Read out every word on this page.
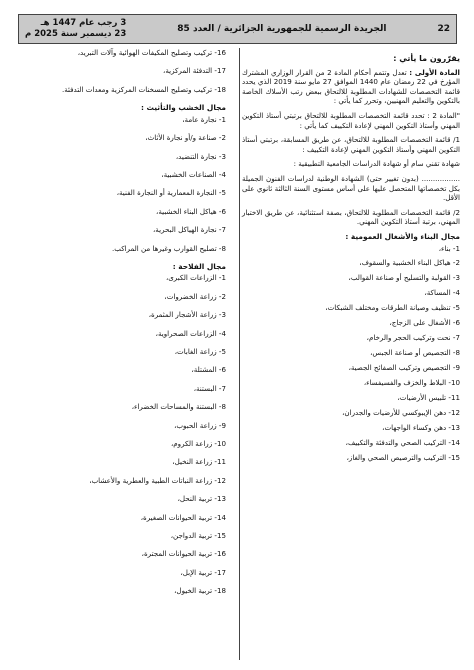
3 رجب عام 1447 هـ
23 ديسمبر سنة 2025 م	الجريدة الرسمية للجمهورية الجزائرية / العدد 85	22
يقرّرون ما يأتي :
المادة الأولى : تعدل وتتمم أحكام المادة 2 من القرار الوزاري المشترك المؤرخ في 22 رمضان عام 1440 الموافق 27 مايو سنة 2019 الذي يحدد قائمة التخصصات للشهادات المطلوبة للالتحاق ببعض رتب الأسلاك الخاصة بالتكوين والتعليم المهنيين، وتحرر كما يأتي :
"المادة 2 : تحدد قائمة التخصصات المطلوبة للالتحاق برتبتي أستاذ التكوين المهني وأستاذ التكوين المهني لإعادة التكييف كما يأتي :
1/ قائمة التخصصات المطلوبة للالتحاق، عن طريق المسابقة، برتبتي أستاذ التكوين المهني وأستاذ التكوين المهني لإعادة التكييف :
شهادة تقني سام أو شهادة الدراسات الجامعية التطبيقية :
................. (بدون تغيير حتى) الشهادة الوطنية لدراسات الفنون الجميلة بكل تخصصاتها المتحصل عليها على أساس مستوى السنة الثالثة ثانوي على الأقل.
2/ قائمة التخصصات المطلوبة للالتحاق، بصفة استثنائية، عن طريق الاختبار المهني، برتبة أستاذ التكوين المهني.
مجال البناء والأشغال العمومية :
1- بناء،
2- هياكل البناء الخشبية والسقوف،
3- القولبة والتسليح أو صناعة القوالب،
4- المساكة،
5- تنظيف وصيانة الطرقات ومختلف الشبكات،
6- الأشغال على الزجاج،
7- نحت وتركيب الحجر والرخام،
8- التجصيص أو صناعة الجبس،
9- التجصيص وتركيب الصفائح الجصية،
10- البلاط والخزف والفسيفساء،
11- تلبيس الأرضيات،
12- دهن الإيبوكسي للأرضيات والجدران،
13- دهن وكساء الواجهات،
14- التركيب الصحي والتدفئة والتكييف،
15- التركيب والترصيص الصحي والغاز،
16- تركيب وتصليح المكيفات الهوائية وآلات التبريد،
17- التدفئة المركزية،
18- تركيب وتصليح المسخنات المركزية ومعدات التدفئة.
مجال الخشب والتأثيث :
1- نجارة عامة،
2- صناعة و/أو نجارة الأثاث،
3- نجارة التنضيد،
4- الصناعات الخشبية،
5- النجارة المعمارية أو النجارة الفنية،
6- هياكل البناء الخشبية،
7- نجارة الهياكل البحرية،
8- تصليح القوارب وغيرها من المراكب.
مجال الفلاحة :
1- الزراعات الكبرى،
2- زراعة الخضروات،
3- زراعة الأشجار المثمرة،
4- الزراعات الصحراوية،
5- زراعة الغابات،
6- المشتلة،
7- البستنة،
8- البستنة والمساحات الخضراء،
9- زراعة الحبوب،
10- زراعة الكروم،
11- زراعة النخيل،
12- زراعة النباتات الطبية والعطرية والأعشاب،
13- تربية النحل،
14- تربية الحيوانات الصغيرة،
15- تربية الدواجن،
16- تربية الحيوانات المجترة،
17- تربية الإبل،
18- تربية الخيول،
